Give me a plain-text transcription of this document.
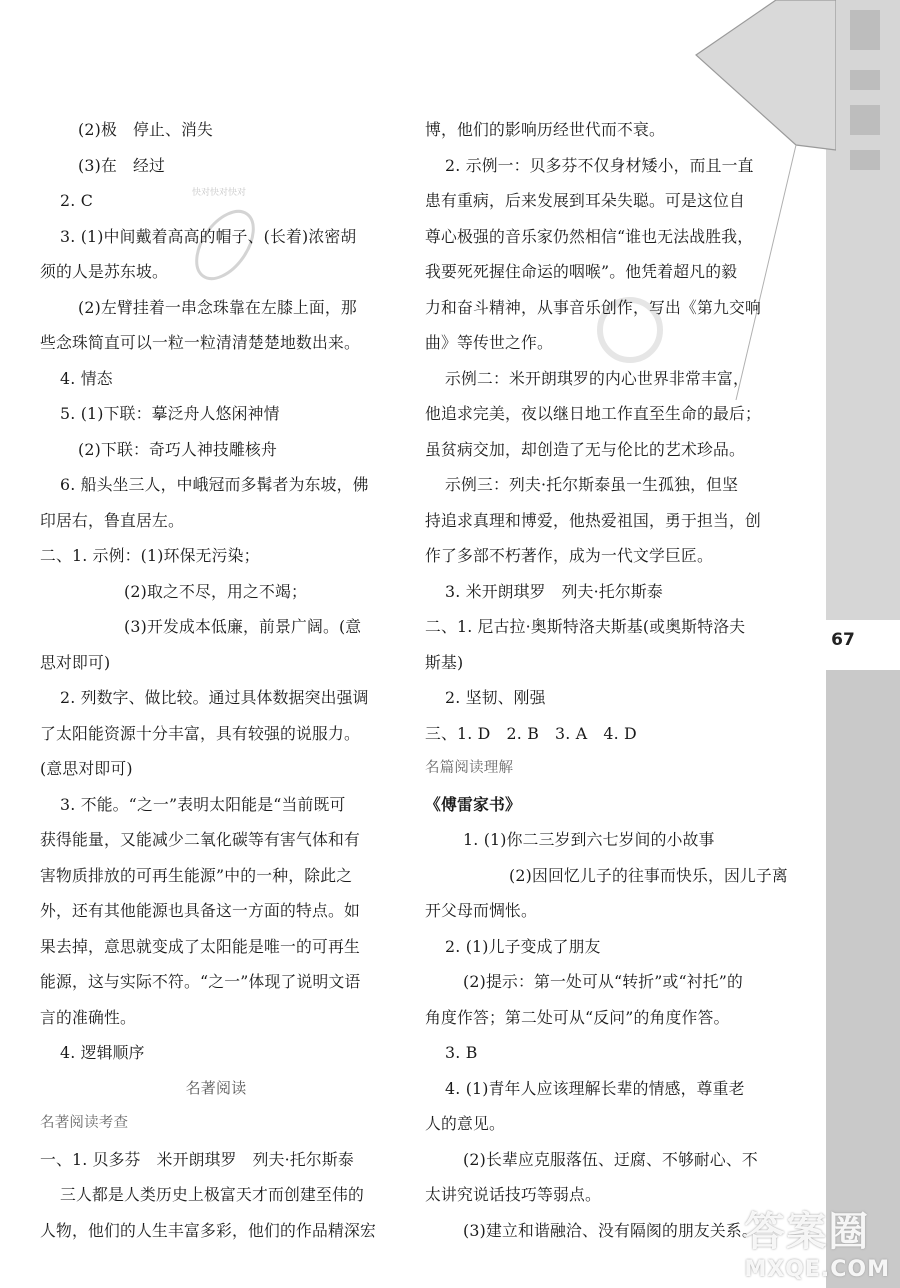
67
快对快对快对
(2)极　停止、消失
(3)在　经过
2. C
3. (1)中间戴着高高的帽子、(长着)浓密胡
须的人是苏东坡。
(2)左臂挂着一串念珠靠在左膝上面，那
些念珠简直可以一粒一粒清清楚楚地数出来。
4. 情态
5. (1)下联：摹泛舟人悠闲神情
(2)下联：奇巧人神技雕核舟
6. 船头坐三人，中峨冠而多髯者为东坡，佛
印居右，鲁直居左。
二、1. 示例：(1)环保无污染；
(2)取之不尽，用之不竭；
(3)开发成本低廉，前景广阔。(意
思对即可)
2. 列数字、做比较。通过具体数据突出强调
了太阳能资源十分丰富，具有较强的说服力。
(意思对即可)
3. 不能。“之一”表明太阳能是“当前既可
获得能量，又能减少二氧化碳等有害气体和有
害物质排放的可再生能源”中的一种，除此之
外，还有其他能源也具备这一方面的特点。如
果去掉，意思就变成了太阳能是唯一的可再生
能源，这与实际不符。“之一”体现了说明文语
言的准确性。
4. 逻辑顺序
名著阅读
名著阅读考查
一、1. 贝多芬　米开朗琪罗　列夫·托尔斯泰
三人都是人类历史上极富天才而创建至伟的
人物，他们的人生丰富多彩，他们的作品精深宏
博，他们的影响历经世代而不衰。
2. 示例一：贝多芬不仅身材矮小，而且一直
患有重病，后来发展到耳朵失聪。可是这位自
尊心极强的音乐家仍然相信“谁也无法战胜我，
我要死死握住命运的咽喉”。他凭着超凡的毅
力和奋斗精神，从事音乐创作，写出《第九交响
曲》等传世之作。
示例二：米开朗琪罗的内心世界非常丰富，
他追求完美，夜以继日地工作直至生命的最后；
虽贫病交加，却创造了无与伦比的艺术珍品。
示例三：列夫·托尔斯泰虽一生孤独，但坚
持追求真理和博爱，他热爱祖国，勇于担当，创
作了多部不朽著作，成为一代文学巨匠。
3. 米开朗琪罗　列夫·托尔斯泰
二、1. 尼古拉·奥斯特洛夫斯基(或奥斯特洛夫
斯基)
2. 坚韧、刚强
三、1. D　2. B　3. A　4. D
名篇阅读理解
《傅雷家书》
1. (1)你二三岁到六七岁间的小故事
(2)因回忆儿子的往事而快乐，因儿子离
开父母而惆怅。
2. (1)儿子变成了朋友
(2)提示：第一处可从“转折”或“衬托”的
角度作答；第二处可从“反问”的角度作答。
3. B
4. (1)青年人应该理解长辈的情感，尊重老
人的意见。
(2)长辈应克服落伍、迂腐、不够耐心、不
太讲究说话技巧等弱点。
(3)建立和谐融洽、没有隔阂的朋友关系。
答案圈
MXQE.COM
